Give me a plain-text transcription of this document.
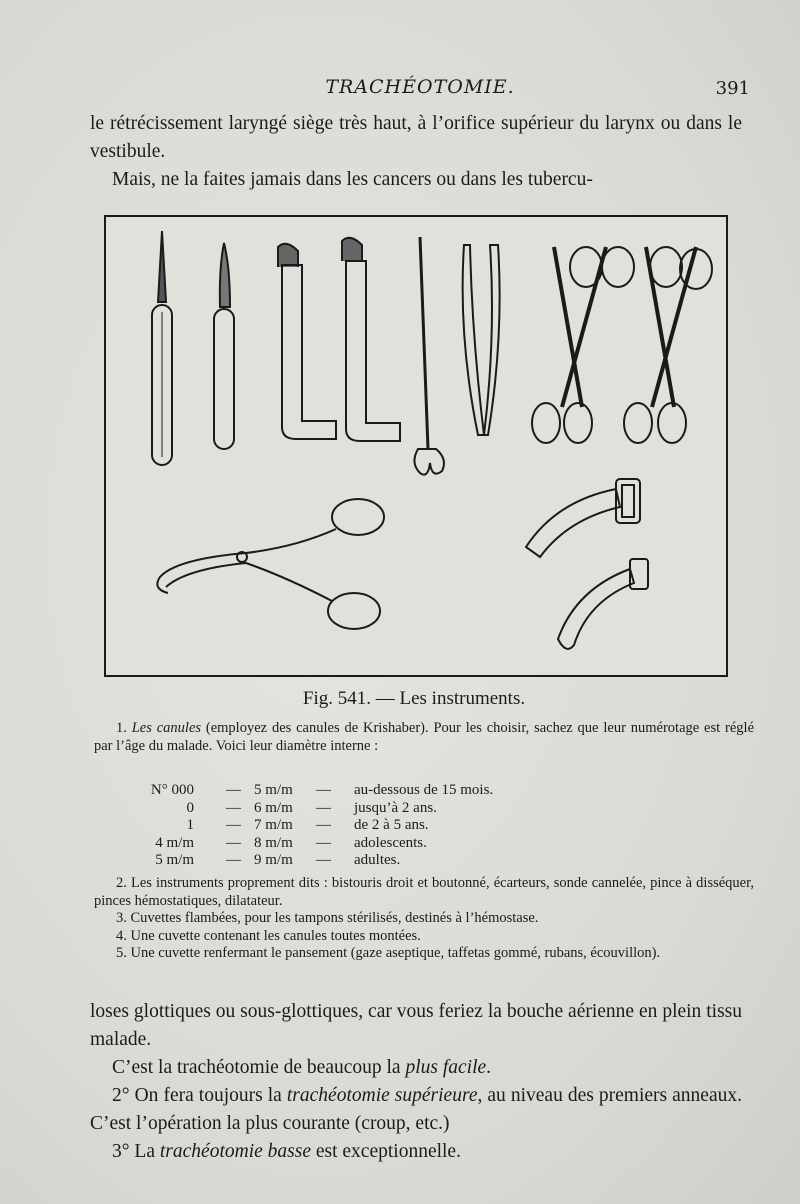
TRACHÉOTOMIE.	391

le rétrécissement laryngé siège très haut, à l’orifice supérieur du larynx ou dans le vestibule.

Mais, ne la faites jamais dans les cancers ou dans les tubercu-

Fig. 541. — Les instruments.

1. Les canules (employez des canules de Krishaber). Pour les choisir, sachez que leur numérotage est réglé par l’âge du malade. Voici leur diamètre interne :

N° 000 — 5 m/m — au-dessous de 15 mois.
0 — 6 m/m — jusqu’à 2 ans.
1 — 7 m/m — de 2 à 5 ans.
4 m/m — 8 m/m — adolescents.
5 m/m — 9 m/m — adultes.

2. Les instruments proprement dits : bistouris droit et boutonné, écarteurs, sonde cannelée, pince à disséquer, pinces hémostatiques, dilatateur.

3. Cuvettes flambées, pour les tampons stérilisés, destinés à l’hémostase.

4. Une cuvette contenant les canules toutes montées.

5. Une cuvette renfermant le pansement (gaze aseptique, taffetas gommé, rubans, écouvillon).

loses glottiques ou sous-glottiques, car vous feriez la bouche aérienne en plein tissu malade.

C’est la trachéotomie de beaucoup la plus facile.

2° On fera toujours la trachéotomie supérieure, au niveau des premiers anneaux. C’est l’opération la plus courante (croup, etc.)

3° La trachéotomie basse est exceptionnelle.
